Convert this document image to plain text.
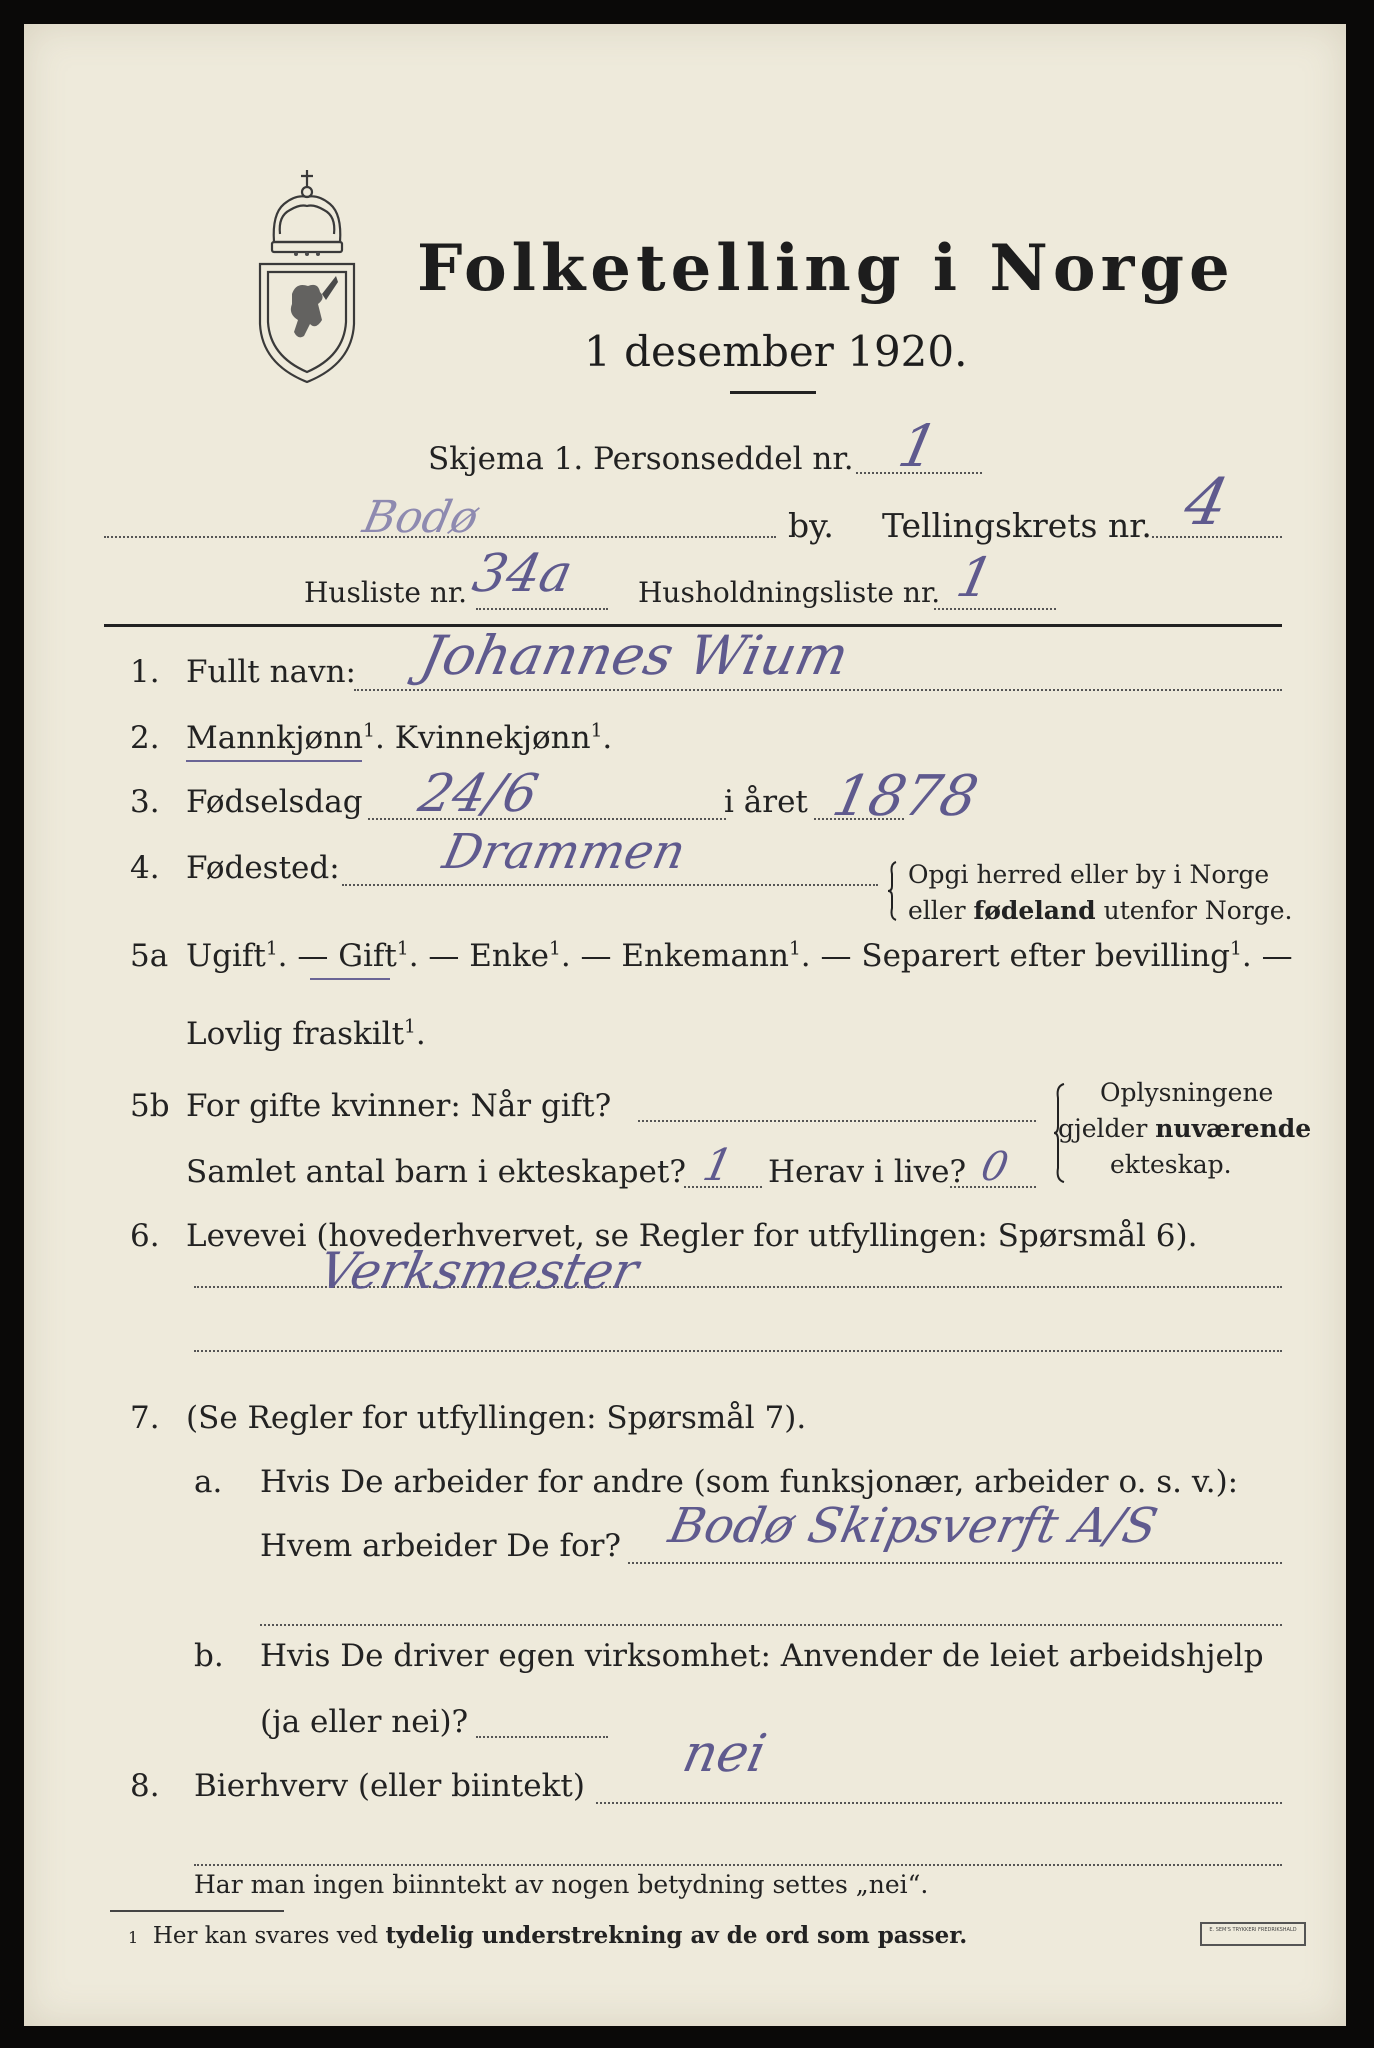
Folketelling i Norge
1 desember 1920.
Skjema 1. Personseddel nr. 1
Bodø	by. Tellingskrets nr. 4
Husliste nr. 34a Husholdningsliste nr. 1
1. Fullt navn: Johannes Wium
2. Mannkjønn$^1$. Kvinnekjønn$^1$.
3. Fødselsdag 24/6	i året 1878
4. Fødested: Drammen	Opgi herred eller by i Norge
eller fødeland utenfor Norge.
5a Ugift$^1$. — Gift$^1$. — Enke$^1$. — Enkemann$^1$. — Separert efter bevilling$^1$. —
Lovlig fraskilt$^1$.
5b For gifte kvinner: Når gift?
Samlet antal barn i ekteskapet? 1 Herav i live? 0
Oplysningene
gjelder nuværende
ekteskap.
6. Levevei (hovederhvervet, se Regler for utfyllingen: Spørsmål 6).
Verksmester
7. (Se Regler for utfyllingen: Spørsmål 7).
a. Hvis De arbeider for andre (som funksjonær, arbeider o. s. v.):
Hvem arbeider De for? Bodø Skipsverft A/S
b. Hvis De driver egen virksomhet: Anvender de leiet arbeidshjelp
(ja eller nei)?
8. Bierhverv (eller biintekt)
nei
Har man ingen biinntekt av nogen betydning settes „nei“.
1 Her kan svares ved tydelig understrekning av de ord som passer.	E. SEM'S TRYKKERI FREDRIKSHALD
